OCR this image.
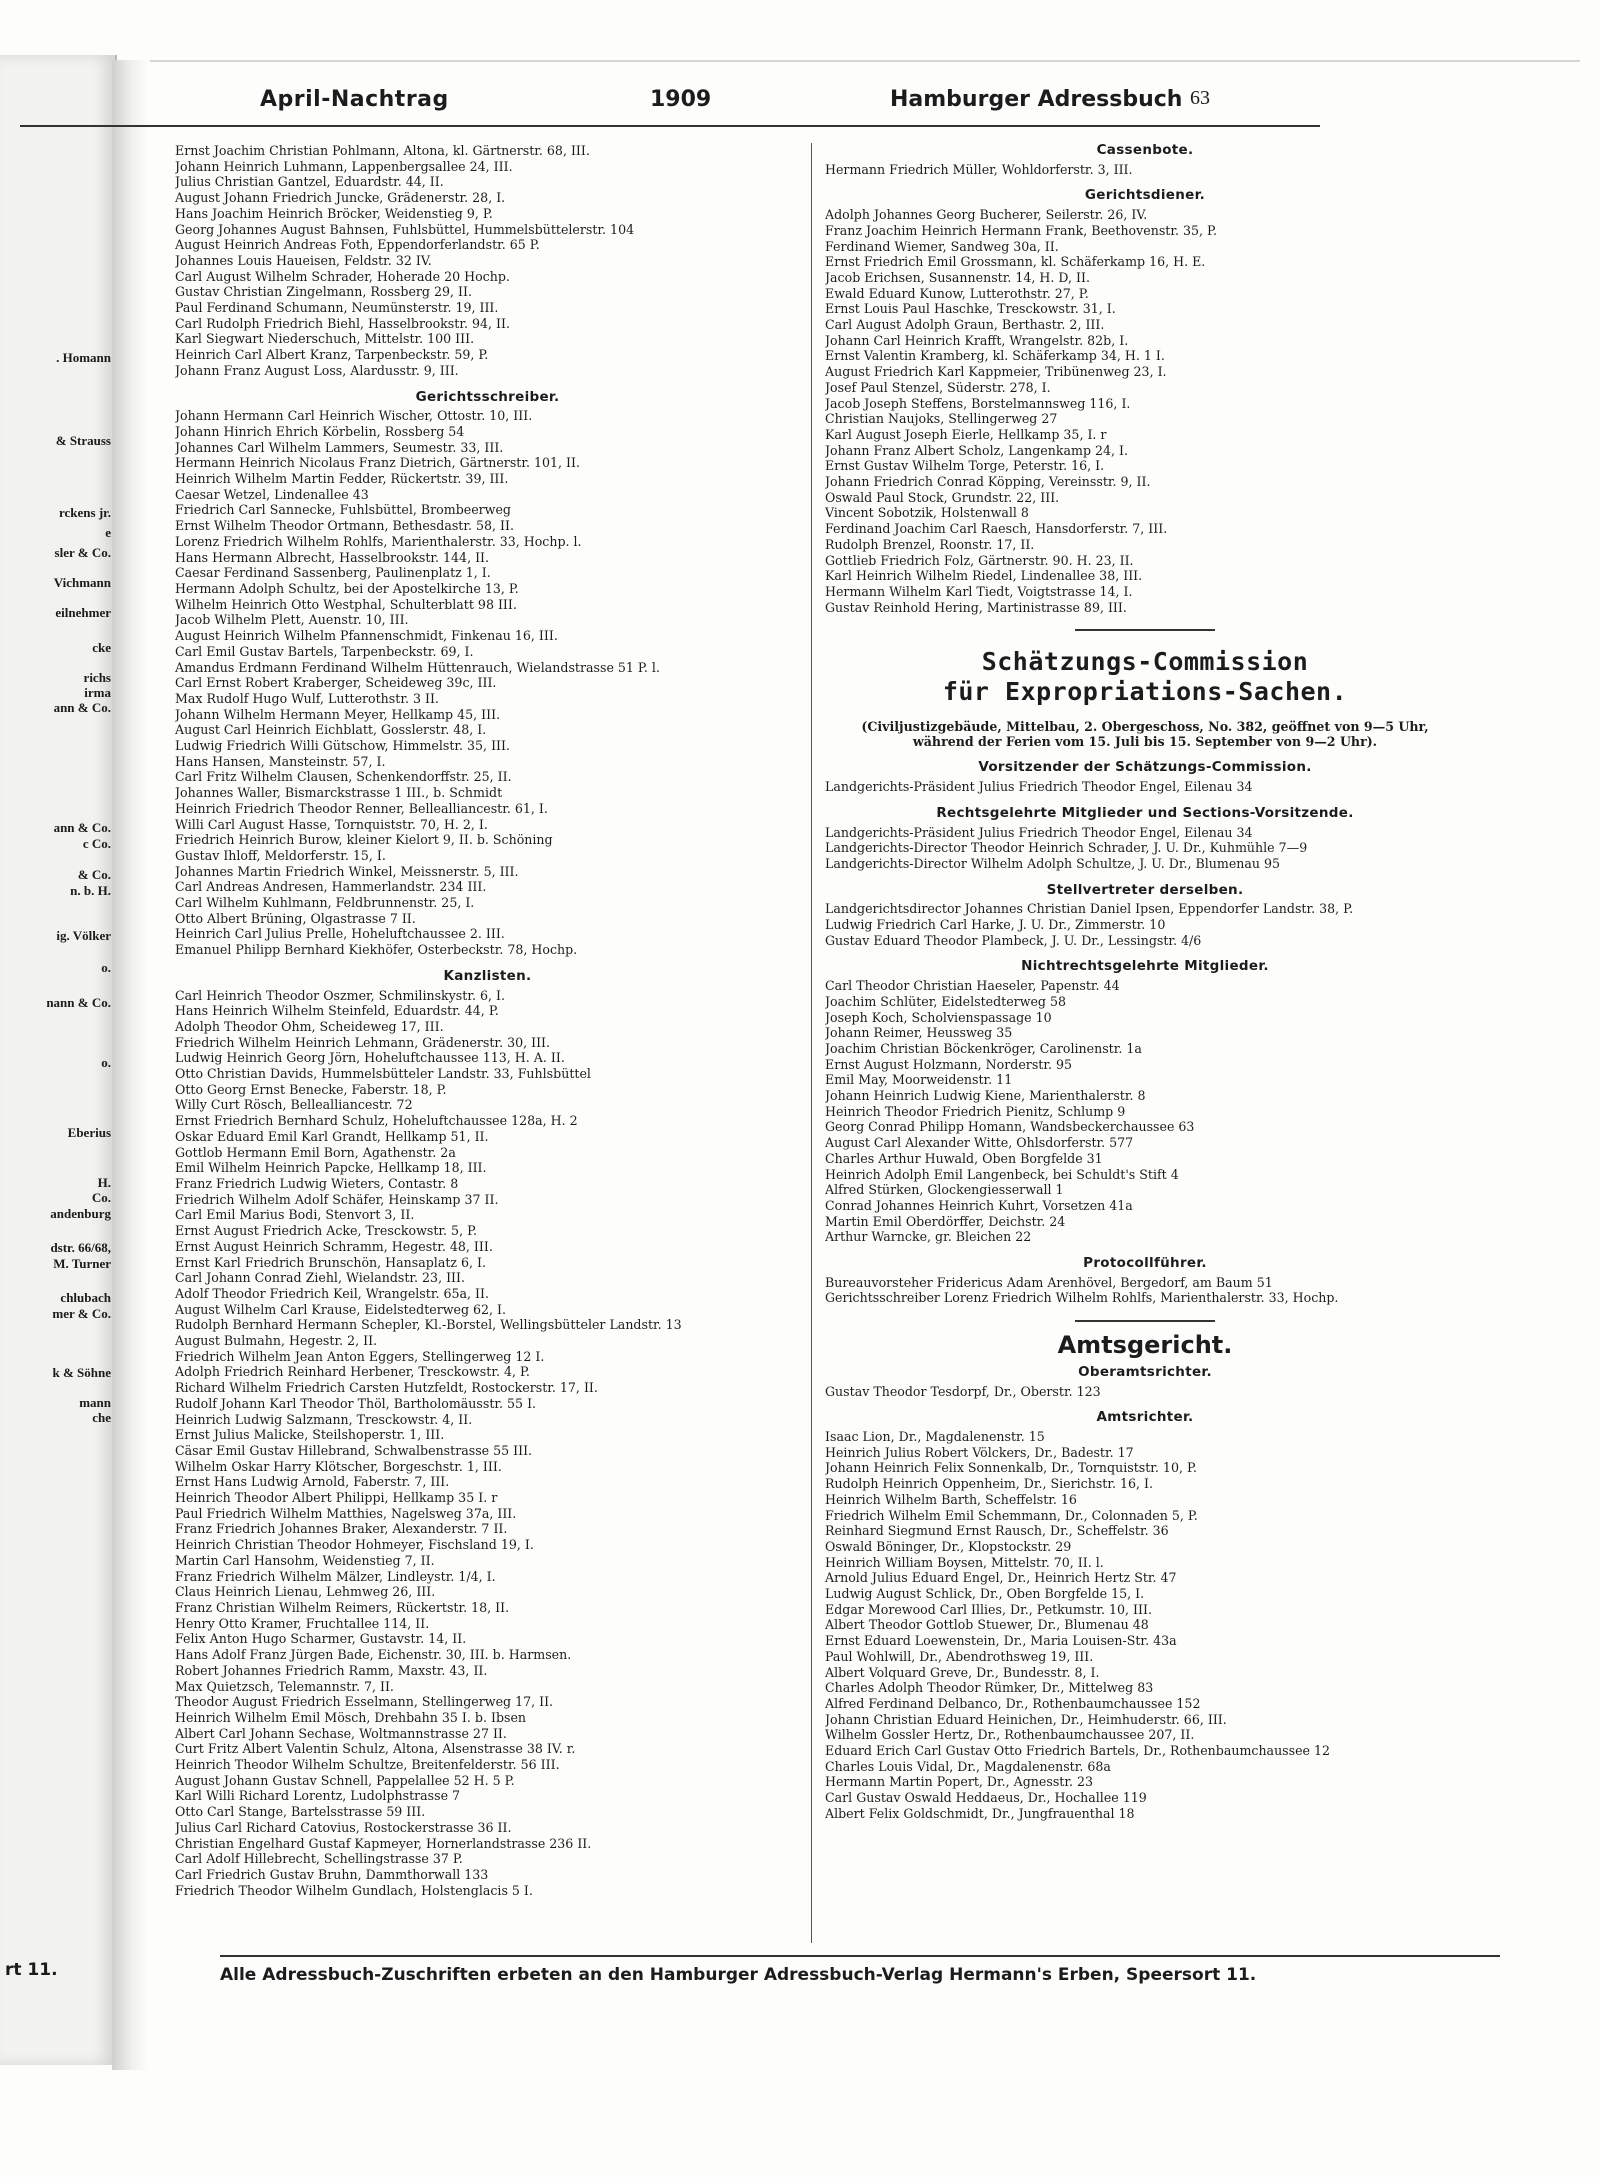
. Homann
& Strauss
rckens jr.
e
sler & Co.
Vichmann
eilnehmer
cke
richs
irma
ann & Co.
ann & Co.
c Co.
& Co.
n. b. H.
ig. Völker
o.
nann & Co.
o.
Eberius
H.
Co.
andenburg
dstr. 66/68,
M. Turner
chlubach
mer & Co.
k & Söhne
mann
che
April-Nachtrag	1909	Hamburger Adressbuch 63
Ernst Joachim Christian Pohlmann, Altona, kl. Gärtnerstr. 68, III.
Johann Heinrich Luhmann, Lappenbergsallee 24, III.
Julius Christian Gantzel, Eduardstr. 44, II.
August Johann Friedrich Juncke, Grädenerstr. 28, I.
Hans Joachim Heinrich Bröcker, Weidenstieg 9, P.
Georg Johannes August Bahnsen, Fuhlsbüttel, Hummelsbüttelerstr. 104
August Heinrich Andreas Foth, Eppendorferlandstr. 65 P.
Johannes Louis Haueisen, Feldstr. 32 IV.
Carl August Wilhelm Schrader, Hoherade 20 Hochp.
Gustav Christian Zingelmann, Rossberg 29, II.
Paul Ferdinand Schumann, Neumünsterstr. 19, III.
Carl Rudolph Friedrich Biehl, Hasselbrookstr. 94, II.
Karl Siegwart Niederschuch, Mittelstr. 100 III.
Heinrich Carl Albert Kranz, Tarpenbeckstr. 59, P.
Johann Franz August Loss, Alardusstr. 9, III.
Gerichtsschreiber.
Johann Hermann Carl Heinrich Wischer, Ottostr. 10, III.
Johann Hinrich Ehrich Körbelin, Rossberg 54
Johannes Carl Wilhelm Lammers, Seumestr. 33, III.
Hermann Heinrich Nicolaus Franz Dietrich, Gärtnerstr. 101, II.
Heinrich Wilhelm Martin Fedder, Rückertstr. 39, III.
Caesar Wetzel, Lindenallee 43
Friedrich Carl Sannecke, Fuhlsbüttel, Brombeerweg
Ernst Wilhelm Theodor Ortmann, Bethesdastr. 58, II.
Lorenz Friedrich Wilhelm Rohlfs, Marienthalerstr. 33, Hochp. l.
Hans Hermann Albrecht, Hasselbrookstr. 144, II.
Caesar Ferdinand Sassenberg, Paulinenplatz 1, I.
Hermann Adolph Schultz, bei der Apostelkirche 13, P.
Wilhelm Heinrich Otto Westphal, Schulterblatt 98 III.
Jacob Wilhelm Plett, Auenstr. 10, III.
August Heinrich Wilhelm Pfannenschmidt, Finkenau 16, III.
Carl Emil Gustav Bartels, Tarpenbeckstr. 69, I.
Amandus Erdmann Ferdinand Wilhelm Hüttenrauch, Wielandstrasse 51 P. l.
Carl Ernst Robert Kraberger, Scheideweg 39c, III.
Max Rudolf Hugo Wulf, Lutterothstr. 3 II.
Johann Wilhelm Hermann Meyer, Hellkamp 45, III.
August Carl Heinrich Eichblatt, Gosslerstr. 48, I.
Ludwig Friedrich Willi Gütschow, Himmelstr. 35, III.
Hans Hansen, Mansteinstr. 57, I.
Carl Fritz Wilhelm Clausen, Schenkendorffstr. 25, II.
Johannes Waller, Bismarckstrasse 1 III., b. Schmidt
Heinrich Friedrich Theodor Renner, Bellealliancestr. 61, I.
Willi Carl August Hasse, Tornquiststr. 70, H. 2, I.
Friedrich Heinrich Burow, kleiner Kielort 9, II. b. Schöning
Gustav Ihloff, Meldorferstr. 15, I.
Johannes Martin Friedrich Winkel, Meissnerstr. 5, III.
Carl Andreas Andresen, Hammerlandstr. 234 III.
Carl Wilhelm Kuhlmann, Feldbrunnenstr. 25, I.
Otto Albert Brüning, Olgastrasse 7 II.
Heinrich Carl Julius Prelle, Hoheluftchaussee 2. III.
Emanuel Philipp Bernhard Kiekhöfer, Osterbeckstr. 78, Hochp.
Kanzlisten.
Carl Heinrich Theodor Oszmer, Schmilinskystr. 6, I.
Hans Heinrich Wilhelm Steinfeld, Eduardstr. 44, P.
Adolph Theodor Ohm, Scheideweg 17, III.
Friedrich Wilhelm Heinrich Lehmann, Grädenerstr. 30, III.
Ludwig Heinrich Georg Jörn, Hoheluftchaussee 113, H. A. II.
Otto Christian Davids, Hummelsbütteler Landstr. 33, Fuhlsbüttel
Otto Georg Ernst Benecke, Faberstr. 18, P.
Willy Curt Rösch, Bellealliancestr. 72
Ernst Friedrich Bernhard Schulz, Hoheluftchaussee 128a, H. 2
Oskar Eduard Emil Karl Grandt, Hellkamp 51, II.
Gottlob Hermann Emil Born, Agathenstr. 2a
Emil Wilhelm Heinrich Papcke, Hellkamp 18, III.
Franz Friedrich Ludwig Wieters, Contastr. 8
Friedrich Wilhelm Adolf Schäfer, Heinskamp 37 II.
Carl Emil Marius Bodi, Stenvort 3, II.
Ernst August Friedrich Acke, Tresckowstr. 5, P.
Ernst August Heinrich Schramm, Hegestr. 48, III.
Ernst Karl Friedrich Brunschön, Hansaplatz 6, I.
Carl Johann Conrad Ziehl, Wielandstr. 23, III.
Adolf Theodor Friedrich Keil, Wrangelstr. 65a, II.
August Wilhelm Carl Krause, Eidelstedterweg 62, I.
Rudolph Bernhard Hermann Schepler, Kl.-Borstel, Wellingsbütteler Landstr. 13
August Bulmahn, Hegestr. 2, II.
Friedrich Wilhelm Jean Anton Eggers, Stellingerweg 12 I.
Adolph Friedrich Reinhard Herbener, Tresckowstr. 4, P.
Richard Wilhelm Friedrich Carsten Hutzfeldt, Rostockerstr. 17, II.
Rudolf Johann Karl Theodor Thöl, Bartholomäusstr. 55 I.
Heinrich Ludwig Salzmann, Tresckowstr. 4, II.
Ernst Julius Malicke, Steilshoperstr. 1, III.
Cäsar Emil Gustav Hillebrand, Schwalbenstrasse 55 III.
Wilhelm Oskar Harry Klötscher, Borgeschstr. 1, III.
Ernst Hans Ludwig Arnold, Faberstr. 7, III.
Heinrich Theodor Albert Philippi, Hellkamp 35 I. r
Paul Friedrich Wilhelm Matthies, Nagelsweg 37a, III.
Franz Friedrich Johannes Braker, Alexanderstr. 7 II.
Heinrich Christian Theodor Hohmeyer, Fischsland 19, I.
Martin Carl Hansohm, Weidenstieg 7, II.
Franz Friedrich Wilhelm Mälzer, Lindleystr. 1/4, I.
Claus Heinrich Lienau, Lehmweg 26, III.
Franz Christian Wilhelm Reimers, Rückertstr. 18, II.
Henry Otto Kramer, Fruchtallee 114, II.
Felix Anton Hugo Scharmer, Gustavstr. 14, II.
Hans Adolf Franz Jürgen Bade, Eichenstr. 30, III. b. Harmsen.
Robert Johannes Friedrich Ramm, Maxstr. 43, II.
Max Quietzsch, Telemannstr. 7, II.
Theodor August Friedrich Esselmann, Stellingerweg 17, II.
Heinrich Wilhelm Emil Mösch, Drehbahn 35 I. b. Ibsen
Albert Carl Johann Sechase, Woltmannstrasse 27 II.
Curt Fritz Albert Valentin Schulz, Altona, Alsenstrasse 38 IV. r.
Heinrich Theodor Wilhelm Schultze, Breitenfelderstr. 56 III.
August Johann Gustav Schnell, Pappelallee 52 H. 5 P.
Karl Willi Richard Lorentz, Ludolphstrasse 7
Otto Carl Stange, Bartelsstrasse 59 III.
Julius Carl Richard Catovius, Rostockerstrasse 36 II.
Christian Engelhard Gustaf Kapmeyer, Hornerlandstrasse 236 II.
Carl Adolf Hillebrecht, Schellingstrasse 37 P.
Carl Friedrich Gustav Bruhn, Dammthorwall 133
Friedrich Theodor Wilhelm Gundlach, Holstenglacis 5 I.
Cassenbote.
Hermann Friedrich Müller, Wohldorferstr. 3, III.
Gerichtsdiener.
Adolph Johannes Georg Bucherer, Seilerstr. 26, IV.
Franz Joachim Heinrich Hermann Frank, Beethovenstr. 35, P.
Ferdinand Wiemer, Sandweg 30a, II.
Ernst Friedrich Emil Grossmann, kl. Schäferkamp 16, H. E.
Jacob Erichsen, Susannenstr. 14, H. D, II.
Ewald Eduard Kunow, Lutterothstr. 27, P.
Ernst Louis Paul Haschke, Tresckowstr. 31, I.
Carl August Adolph Graun, Berthastr. 2, III.
Johann Carl Heinrich Krafft, Wrangelstr. 82b, I.
Ernst Valentin Kramberg, kl. Schäferkamp 34, H. 1 I.
August Friedrich Karl Kappmeier, Tribünenweg 23, I.
Josef Paul Stenzel, Süderstr. 278, I.
Jacob Joseph Steffens, Borstelmannsweg 116, I.
Christian Naujoks, Stellingerweg 27
Karl August Joseph Eierle, Hellkamp 35, I. r
Johann Franz Albert Scholz, Langenkamp 24, I.
Ernst Gustav Wilhelm Torge, Peterstr. 16, I.
Johann Friedrich Conrad Köpping, Vereinsstr. 9, II.
Oswald Paul Stock, Grundstr. 22, III.
Vincent Sobotzik, Holstenwall 8
Ferdinand Joachim Carl Raesch, Hansdorferstr. 7, III.
Rudolph Brenzel, Roonstr. 17, II.
Gottlieb Friedrich Folz, Gärtnerstr. 90. H. 23, II.
Karl Heinrich Wilhelm Riedel, Lindenallee 38, III.
Hermann Wilhelm Karl Tiedt, Voigtstrasse 14, I.
Gustav Reinhold Hering, Martinistrasse 89, III.
Schätzungs-Commission
für Expropriations-Sachen.
(Civiljustizgebäude, Mittelbau, 2. Obergeschoss, No. 382, geöffnet von 9—5 Uhr,
während der Ferien vom 15. Juli bis 15. September von 9—2 Uhr).
Vorsitzender der Schätzungs-Commission.
Landgerichts-Präsident Julius Friedrich Theodor Engel, Eilenau 34
Rechtsgelehrte Mitglieder und Sections-Vorsitzende.
Landgerichts-Präsident Julius Friedrich Theodor Engel, Eilenau 34
Landgerichts-Director Theodor Heinrich Schrader, J. U. Dr., Kuhmühle 7—9
Landgerichts-Director Wilhelm Adolph Schultze, J. U. Dr., Blumenau 95
Stellvertreter derselben.
Landgerichtsdirector Johannes Christian Daniel Ipsen, Eppendorfer Landstr. 38, P.
Ludwig Friedrich Carl Harke, J. U. Dr., Zimmerstr. 10
Gustav Eduard Theodor Plambeck, J. U. Dr., Lessingstr. 4/6
Nichtrechtsgelehrte Mitglieder.
Carl Theodor Christian Haeseler, Papenstr. 44
Joachim Schlüter, Eidelstedterweg 58
Joseph Koch, Scholvienspassage 10
Johann Reimer, Heussweg 35
Joachim Christian Böckenkröger, Carolinenstr. 1a
Ernst August Holzmann, Norderstr. 95
Emil May, Moorweidenstr. 11
Johann Heinrich Ludwig Kiene, Marienthalerstr. 8
Heinrich Theodor Friedrich Pienitz, Schlump 9
Georg Conrad Philipp Homann, Wandsbeckerchaussee 63
August Carl Alexander Witte, Ohlsdorferstr. 577
Charles Arthur Huwald, Oben Borgfelde 31
Heinrich Adolph Emil Langenbeck, bei Schuldt's Stift 4
Alfred Stürken, Glockengiesserwall 1
Conrad Johannes Heinrich Kuhrt, Vorsetzen 41a
Martin Emil Oberdörffer, Deichstr. 24
Arthur Warncke, gr. Bleichen 22
Protocollführer.
Bureauvorsteher Fridericus Adam Arenhövel, Bergedorf, am Baum 51
Gerichtsschreiber Lorenz Friedrich Wilhelm Rohlfs, Marienthalerstr. 33, Hochp.
Amtsgericht.
Oberamtsrichter.
Gustav Theodor Tesdorpf, Dr., Oberstr. 123
Amtsrichter.
Isaac Lion, Dr., Magdalenenstr. 15
Heinrich Julius Robert Völckers, Dr., Badestr. 17
Johann Heinrich Felix Sonnenkalb, Dr., Tornquiststr. 10, P.
Rudolph Heinrich Oppenheim, Dr., Sierichstr. 16, I.
Heinrich Wilhelm Barth, Scheffelstr. 16
Friedrich Wilhelm Emil Schemmann, Dr., Colonnaden 5, P.
Reinhard Siegmund Ernst Rausch, Dr., Scheffelstr. 36
Oswald Böninger, Dr., Klopstockstr. 29
Heinrich William Boysen, Mittelstr. 70, II. l.
Arnold Julius Eduard Engel, Dr., Heinrich Hertz Str. 47
Ludwig August Schlick, Dr., Oben Borgfelde 15, I.
Edgar Morewood Carl Illies, Dr., Petkumstr. 10, III.
Albert Theodor Gottlob Stuewer, Dr., Blumenau 48
Ernst Eduard Loewenstein, Dr., Maria Louisen-Str. 43a
Paul Wohlwill, Dr., Abendrothsweg 19, III.
Albert Volquard Greve, Dr., Bundesstr. 8, I.
Charles Adolph Theodor Rümker, Dr., Mittelweg 83
Alfred Ferdinand Delbanco, Dr., Rothenbaumchaussee 152
Johann Christian Eduard Heinichen, Dr., Heimhuderstr. 66, III.
Wilhelm Gossler Hertz, Dr., Rothenbaumchaussee 207, II.
Eduard Erich Carl Gustav Otto Friedrich Bartels, Dr., Rothenbaumchaussee 12
Charles Louis Vidal, Dr., Magdalenenstr. 68a
Hermann Martin Popert, Dr., Agnesstr. 23
Carl Gustav Oswald Heddaeus, Dr., Hochallee 119
Albert Felix Goldschmidt, Dr., Jungfrauenthal 18
rt 11.	Alle Adressbuch-Zuschriften erbeten an den Hamburger Adressbuch-Verlag Hermann's Erben, Speersort 11.
